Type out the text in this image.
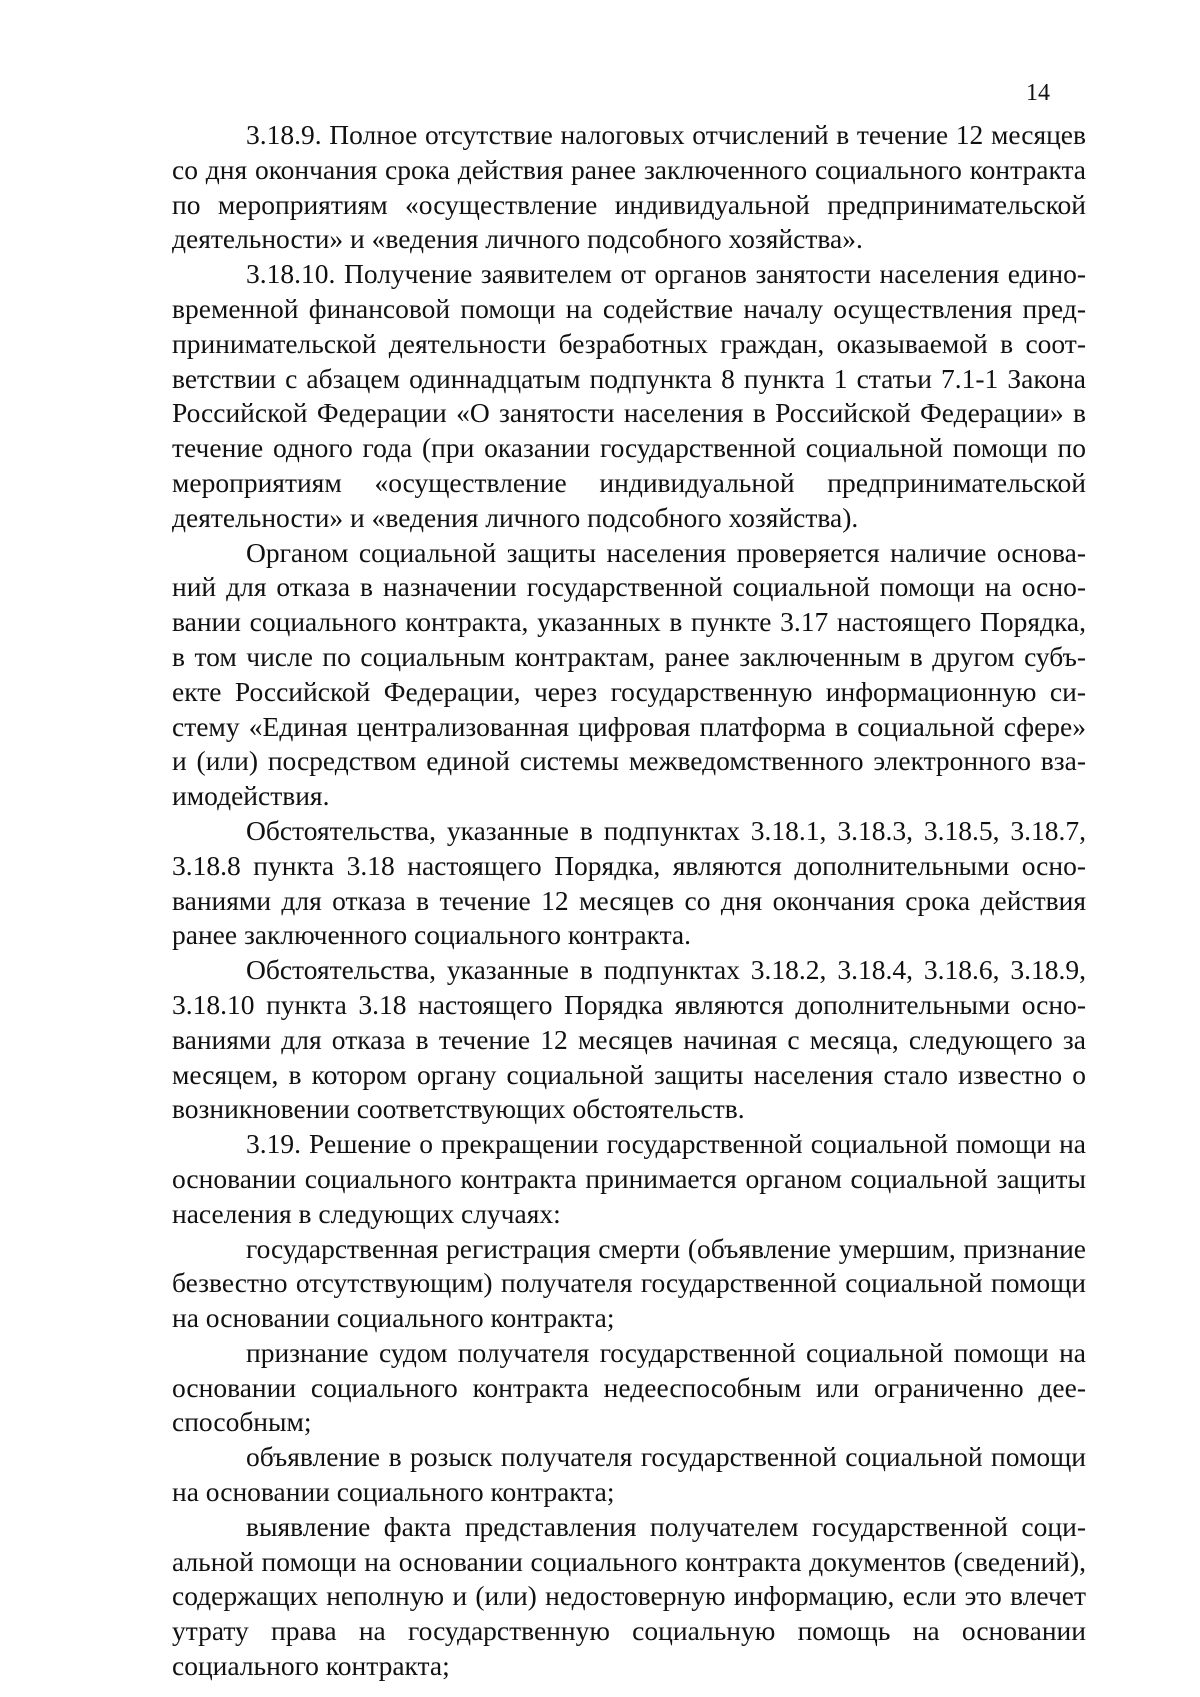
14

3.18.9. Полное отсутствие налоговых отчислений в течение 12 месяцев со дня окончания срока действия ранее заключенного социального контракта по мероприятиям «осуществление индивидуальной предпринимательской деятельности» и «ведения личного подсобного хозяйства».

3.18.10. Получение заявителем от органов занятости населения единовременной финансовой помощи на содействие началу осуществления предпринимательской деятельности безработных граждан, оказываемой в соответствии с абзацем одиннадцатым подпункта 8 пункта 1 статьи 7.1-1 Закона Российской Федерации «О занятости населения в Российской Федерации» в течение одного года (при оказании государственной социальной помощи по мероприятиям «осуществление индивидуальной предпринимательской деятельности» и «ведения личного подсобного хозяйства).

Органом социальной защиты населения проверяется наличие оснований для отказа в назначении государственной социальной помощи на основании социального контракта, указанных в пункте 3.17 настоящего Порядка, в том числе по социальным контрактам, ранее заключенным в другом субъекте Российской Федерации, через государственную информационную систему «Единая централизованная цифровая платформа в социальной сфере» и (или) посредством единой системы межведомственного электронного взаимодействия.

Обстоятельства, указанные в подпунктах 3.18.1, 3.18.3, 3.18.5, 3.18.7, 3.18.8 пункта 3.18 настоящего Порядка, являются дополнительными основаниями для отказа в течение 12 месяцев со дня окончания срока действия ранее заключенного социального контракта.

Обстоятельства, указанные в подпунктах 3.18.2, 3.18.4, 3.18.6, 3.18.9, 3.18.10 пункта 3.18 настоящего Порядка являются дополнительными основаниями для отказа в течение 12 месяцев начиная с месяца, следующего за месяцем, в котором органу социальной защиты населения стало известно о возникновении соответствующих обстоятельств.

3.19. Решение о прекращении государственной социальной помощи на основании социального контракта принимается органом социальной защиты населения в следующих случаях:

государственная регистрация смерти (объявление умершим, признание безвестно отсутствующим) получателя государственной социальной помощи на основании социального контракта;

признание судом получателя государственной социальной помощи на основании социального контракта недееспособным или ограниченно дееспособным;

объявление в розыск получателя государственной социальной помощи на основании социального контракта;

выявление факта представления получателем государственной социальной помощи на основании социального контракта документов (сведений), содержащих неполную и (или) недостоверную информацию, если это влечет утрату права на государственную социальную помощь на основании социального контракта;
